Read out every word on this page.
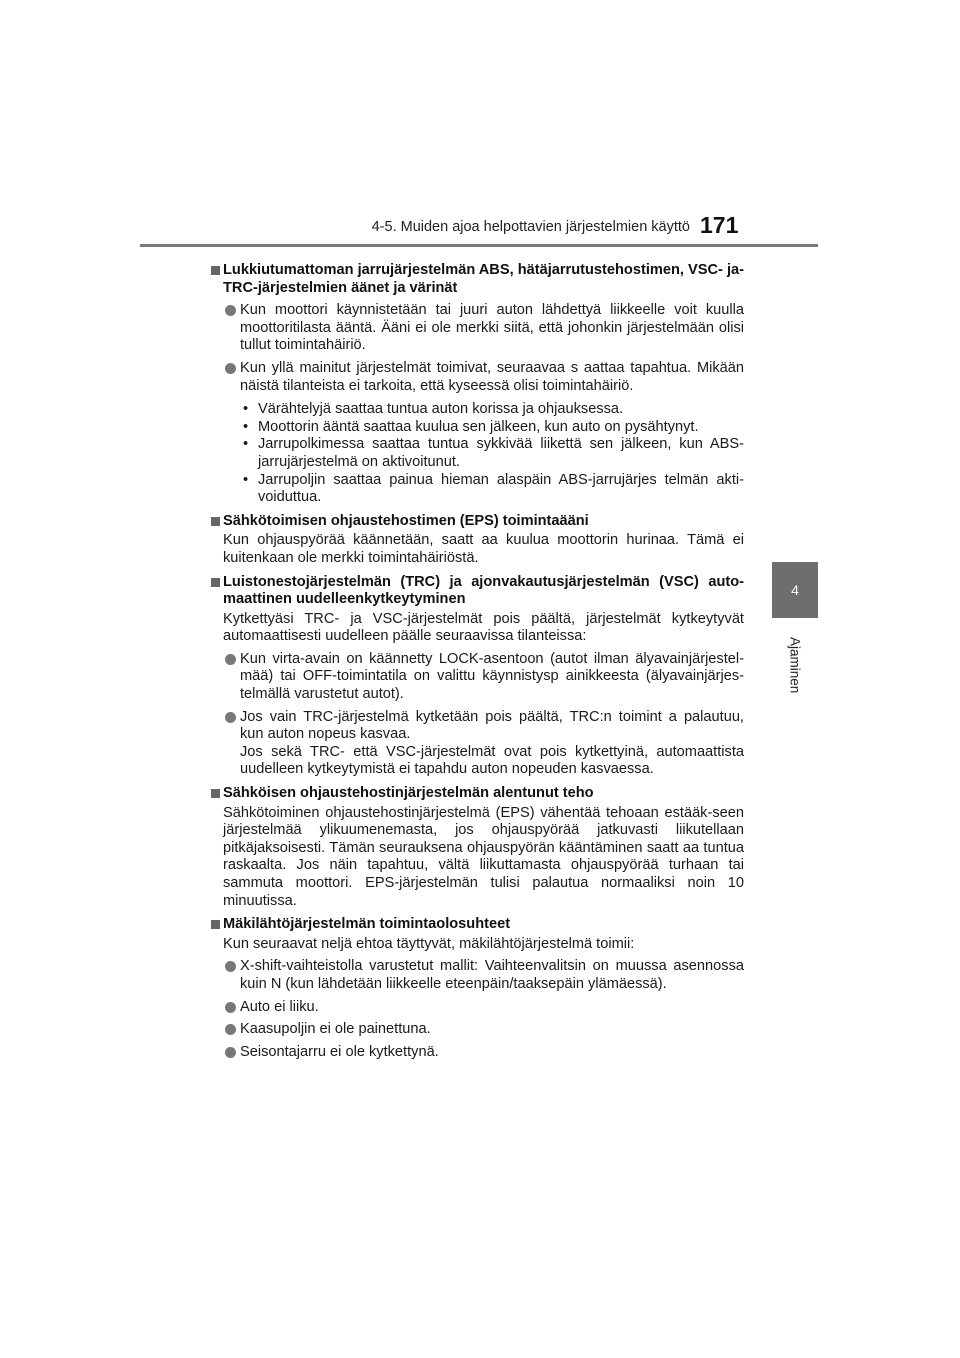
4-5. Muiden ajoa helpottavien järjestelmien käyttö 171
4
Ajaminen
Lukkiutumattoman jarrujärjestelmän ABS, hätäjarrutustehostimen, VSC- ja- TRC-järjestelmien äänet ja värinät
Kun moottori käynnistetään tai juuri auton lähdettyä liikkeelle voit kuulla moottoritilasta ääntä. Ääni ei ole merkki siitä, että johonkin järjestelmään olisi tullut toimintahäiriö.
Kun yllä mainitut järjestelmät toimivat, seuraavaa s aattaa tapahtua. Mikään näistä tilanteista ei tarkoita, että kyseessä olisi toimintahäiriö.
• Värähtelyjä saattaa tuntua auton korissa ja ohjauksessa.
• Moottorin ääntä saattaa kuulua sen jälkeen, kun auto on pysähtynyt.
• Jarrupolkimessa saattaa tuntua sykkivää liikettä sen jälkeen, kun ABS-jarrujärjestelmä on aktivoitunut.
• Jarrupoljin saattaa painua hieman alaspäin ABS-jarrujärjes telmän akti-voiduttua.
Sähkötoimisen ohjaustehostimen (EPS) toimintaääni
Kun ohjauspyörää käännetään, saatt aa kuulua moottorin hurinaa. Tämä ei kuitenkaan ole merkki toimintahäiriöstä.
Luistonestojärjestelmän (TRC) ja ajonvakautusjärjestelmän (VSC) auto-maattinen uudelleenkytkeytyminen
Kytkettyäsi TRC- ja VSC-järjestelmät pois päältä, järjestelmät kytkeytyvät automaattisesti uudelleen päälle seuraavissa tilanteissa:
Kun virta-avain on käännetty LOCK-asentoon (autot ilman älyavainjärjestel-mää) tai OFF-toimintatila on valittu käynnistysp ainikkeesta (älyavainjärjes-telmällä varustetut autot).
Jos vain TRC-järjestelmä kytketään pois päältä, TRC:n toimint a palautuu, kun auton nopeus kasvaa.
Jos sekä TRC- että VSC-järjestelmät ovat pois kytkettyinä, automaattista uudelleen kytkeytymistä ei tapahdu auton nopeuden kasvaessa.
Sähköisen ohjaustehostinjärjestelmän alentunut teho
Sähkötoiminen ohjaustehostinjärjestelmä (EPS) vähentää tehoaan estääk-seen järjestelmää ylikuumenemasta, jos ohjauspyörää jatkuvasti liikutellaan pitkäjaksoisesti. Tämän seurauksena ohjauspyörän kääntäminen saatt aa tuntua raskaalta. Jos näin tapahtuu, vältä liikuttamasta ohjauspyörää turhaan tai sammuta moottori. EPS-järjestelmän tulisi palautua normaaliksi noin 10 minuutissa.
Mäkilähtöjärjestelmän toimintaolosuhteet
Kun seuraavat neljä ehtoa täyttyvät, mäkilähtöjärjestelmä toimii:
X-shift-vaihteistolla varustetut mallit: Vaihteenvalitsin on muussa asennossa kuin N (kun lähdetään liikkeelle eteenpäin/taaksepäin ylämäessä).
Auto ei liiku.
Kaasupoljin ei ole painettuna.
Seisontajarru ei ole kytkettynä.
